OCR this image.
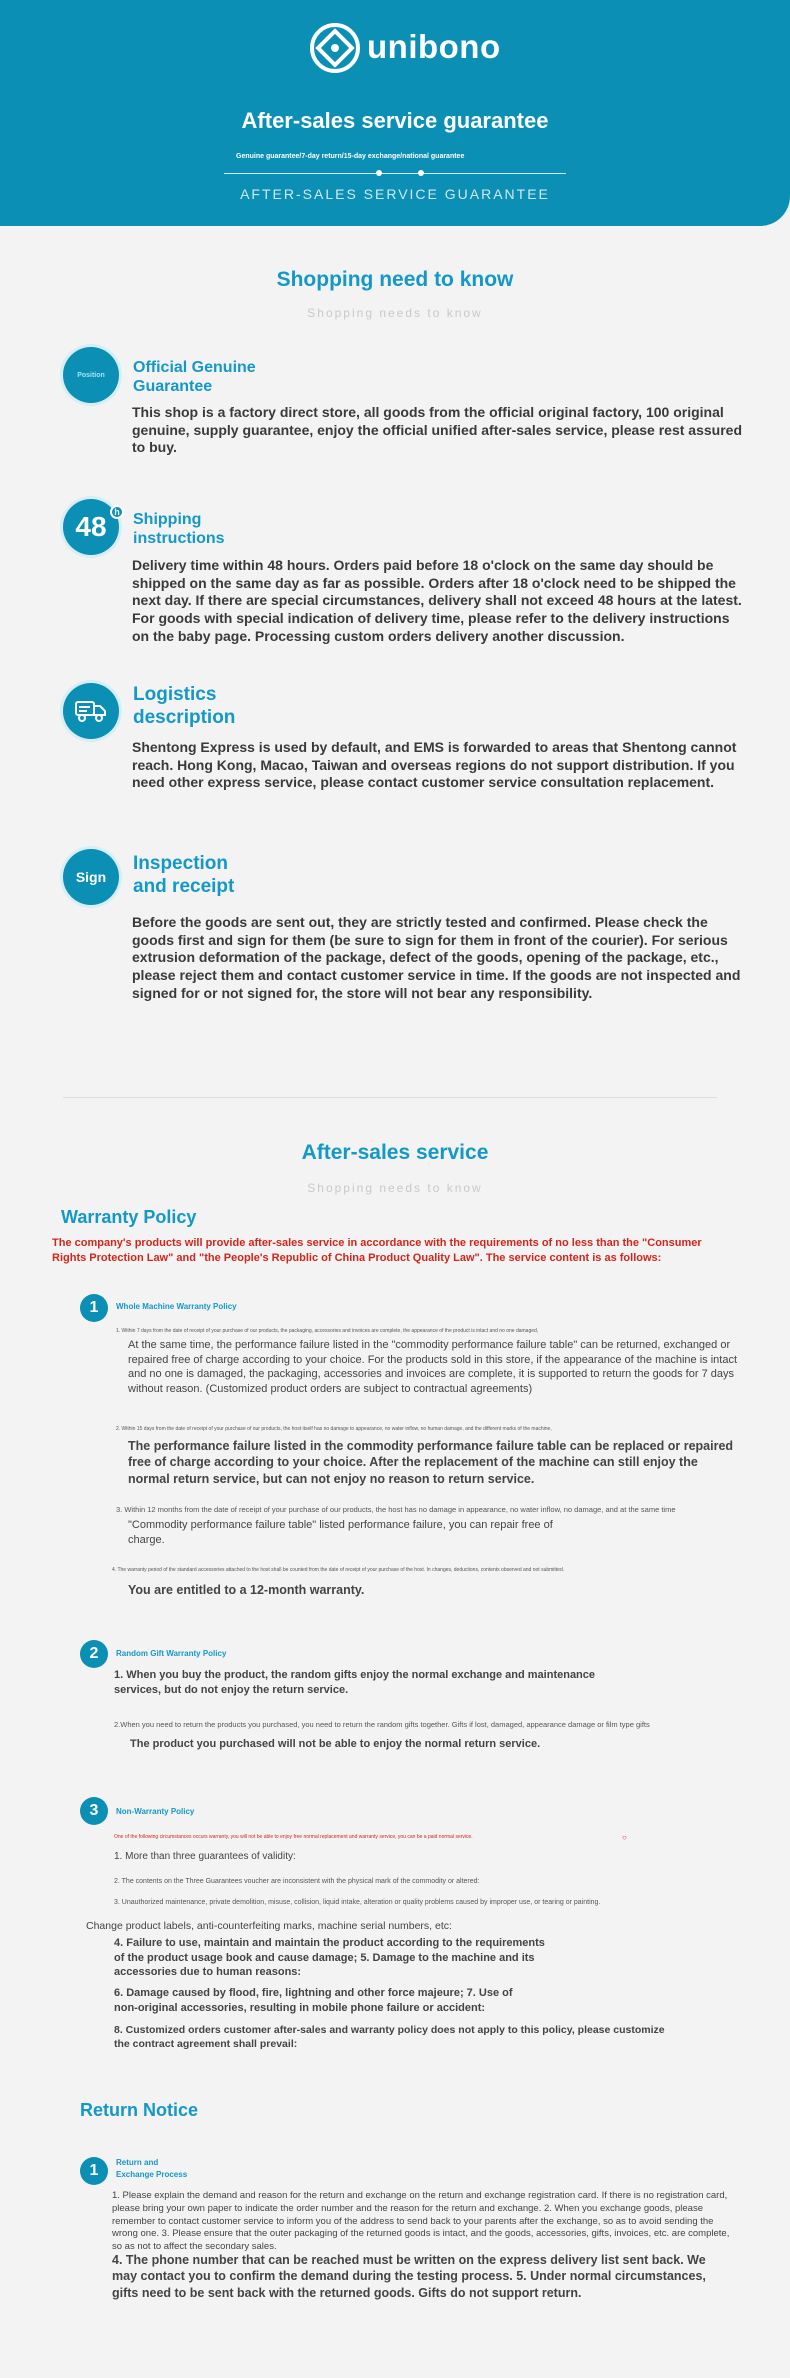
unibono
After-sales service guarantee
Genuine guarantee/7-day return/15-day exchange/national guarantee
AFTER-SALES SERVICE GUARANTEE
Shopping need to know
Shopping needs to know
Position Official Genuine
Guarantee
This shop is a factory direct store, all goods from the official original factory, 100 original genuine, supply guarantee, enjoy the official unified after-sales service, please rest assured to buy.
48 h Shipping
instructions
Delivery time within 48 hours. Orders paid before 18 o'clock on the same day should be shipped on the same day as far as possible. Orders after 18 o'clock need to be shipped the next day. If there are special circumstances, delivery shall not exceed 48 hours at the latest. For goods with special indication of delivery time, please refer to the delivery instructions on the baby page. Processing custom orders delivery another discussion.
Logistics
description
Shentong Express is used by default, and EMS is forwarded to areas that Shentong cannot reach. Hong Kong, Macao, Taiwan and overseas regions do not support distribution. If you need other express service, please contact customer service consultation replacement.
Sign
Inspection
and receipt
Before the goods are sent out, they are strictly tested and confirmed. Please check the goods first and sign for them (be sure to sign for them in front of the courier). For serious extrusion deformation of the package, defect of the goods, opening of the package, etc., please reject them and contact customer service in time. If the goods are not inspected and signed for or not signed for, the store will not bear any responsibility.
After-sales service
Shopping needs to know
Warranty Policy
The company's products will provide after-sales service in accordance with the requirements of no less than the "Consumer Rights Protection Law" and "the People's Republic of China Product Quality Law". The service content is as follows:
1	Whole Machine Warranty Policy
1. Within 7 days from the date of receipt of your purchase of our products, the packaging, accessories and invoices are complete, the appearance of the product is intact and no one damaged,
At the same time, the performance failure listed in the "commodity performance failure table" can be returned, exchanged or repaired free of charge according to your choice. For the products sold in this store, if the appearance of the machine is intact and no one is damaged, the packaging, accessories and invoices are complete, it is supported to return the goods for 7 days without reason. (Customized product orders are subject to contractual agreements)
2. Within 15 days from the date of receipt of your purchase of our products, the host itself has no damage to appearance, no water inflow, no human damage, and the different marks of the machine,
The performance failure listed in the commodity performance failure table can be replaced or repaired free of charge according to your choice. After the replacement of the machine can still enjoy the normal return service, but can not enjoy no reason to return service.
3. Within 12 months from the date of receipt of your purchase of our products, the host has no damage in appearance, no water inflow, no damage, and at the same time
"Commodity performance failure table" listed performance failure, you can repair free of charge.
4. The warranty period of the standard accessories attached to the host shall be counted from the date of receipt of your purchase of the host. In changes, deductions, contents observed and not submitted.
You are entitled to a 12-month warranty.
2	Random Gift Warranty Policy
1. When you buy the product, the random gifts enjoy the normal exchange and maintenance services, but do not enjoy the return service.
2.When you need to return the products you purchased, you need to return the random gifts together. Gifts if lost, damaged, appearance damage or film type gifts
The product you purchased will not be able to enjoy the normal return service.
3	Non-Warranty Policy
One of the following circumstances occurs warranty, you will not be able to enjoy free normal replacement and warranty service, you can be a paid normal service.	○
1. More than three guarantees of validity:
2. The contents on the Three Guarantees voucher are inconsistent with the physical mark of the commodity or altered:
3. Unauthorized maintenance, private demolition, misuse, collision, liquid intake, alteration or quality problems caused by improper use, or tearing or painting.
Change product labels, anti-counterfeiting marks, machine serial numbers, etc:
4. Failure to use, maintain and maintain the product according to the requirements of the product usage book and cause damage; 5. Damage to the machine and its accessories due to human reasons:
6. Damage caused by flood, fire, lightning and other force majeure; 7. Use of non-original accessories, resulting in mobile phone failure or accident:
8. Customized orders customer after-sales and warranty policy does not apply to this policy, please customize the contract agreement shall prevail:
Return Notice
1	Return and
Exchange Process
1. Please explain the demand and reason for the return and exchange on the return and exchange registration card. If there is no registration card, please bring your own paper to indicate the order number and the reason for the return and exchange. 2. When you exchange goods, please remember to contact customer service to inform you of the address to send back to your parents after the exchange, so as to avoid sending the wrong one. 3. Please ensure that the outer packaging of the returned goods is intact, and the goods, accessories, gifts, invoices, etc. are complete, so as not to affect the secondary sales.
4. The phone number that can be reached must be written on the express delivery list sent back. We may contact you to confirm the demand during the testing process. 5. Under normal circumstances, gifts need to be sent back with the returned goods. Gifts do not support return.
